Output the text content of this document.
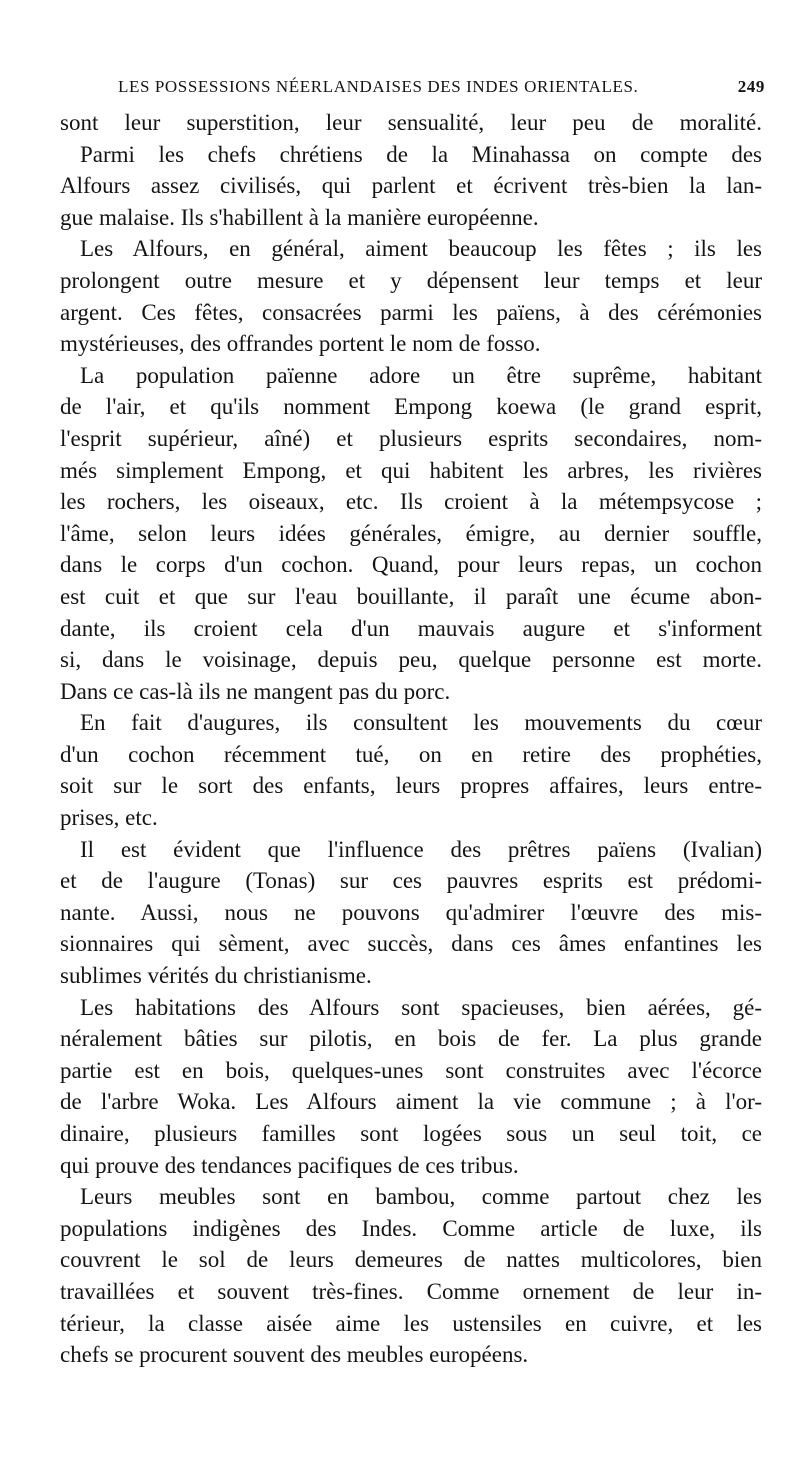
LES POSSESSIONS NÉERLANDAISES DES INDES ORIENTALES.	249
sont leur superstition, leur sensualité, leur peu de moralité.
Parmi les chefs chrétiens de la Minahassa on compte des
Alfours assez civilisés, qui parlent et écrivent très-bien la lan-
gue malaise. Ils s'habillent à la manière européenne.
Les Alfours, en général, aiment beaucoup les fêtes ; ils les
prolongent outre mesure et y dépensent leur temps et leur
argent. Ces fêtes, consacrées parmi les païens, à des cérémonies
mystérieuses, des offrandes portent le nom de fosso.
La population païenne adore un être suprême, habitant
de l'air, et qu'ils nomment Empong koewa (le grand esprit,
l'esprit supérieur, aîné) et plusieurs esprits secondaires, nom-
més simplement Empong, et qui habitent les arbres, les rivières
les rochers, les oiseaux, etc. Ils croient à la métempsycose ;
l'âme, selon leurs idées générales, émigre, au dernier souffle,
dans le corps d'un cochon. Quand, pour leurs repas, un cochon
est cuit et que sur l'eau bouillante, il paraît une écume abon-
dante, ils croient cela d'un mauvais augure et s'informent
si, dans le voisinage, depuis peu, quelque personne est morte.
Dans ce cas-là ils ne mangent pas du porc.
En fait d'augures, ils consultent les mouvements du cœur
d'un cochon récemment tué, on en retire des prophéties,
soit sur le sort des enfants, leurs propres affaires, leurs entre-
prises, etc.
Il est évident que l'influence des prêtres païens (Ivalian)
et de l'augure (Tonas) sur ces pauvres esprits est prédomi-
nante. Aussi, nous ne pouvons qu'admirer l'œuvre des mis-
sionnaires qui sèment, avec succès, dans ces âmes enfantines les
sublimes vérités du christianisme.
Les habitations des Alfours sont spacieuses, bien aérées, gé-
néralement bâties sur pilotis, en bois de fer. La plus grande
partie est en bois, quelques-unes sont construites avec l'écorce
de l'arbre Woka. Les Alfours aiment la vie commune ; à l'or-
dinaire, plusieurs familles sont logées sous un seul toit, ce
qui prouve des tendances pacifiques de ces tribus.
Leurs meubles sont en bambou, comme partout chez les
populations indigènes des Indes. Comme article de luxe, ils
couvrent le sol de leurs demeures de nattes multicolores, bien
travaillées et souvent très-fines. Comme ornement de leur in-
térieur, la classe aisée aime les ustensiles en cuivre, et les
chefs se procurent souvent des meubles européens.
